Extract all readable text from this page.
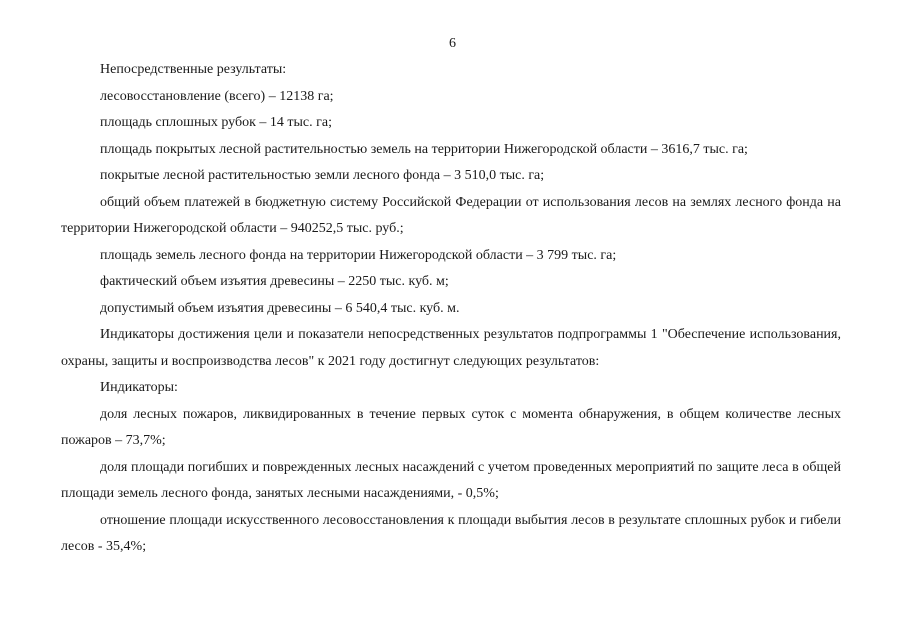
6

Непосредственные результаты:

лесовосстановление (всего) – 12138 га;

площадь сплошных рубок – 14 тыс. га;

площадь покрытых лесной растительностью земель на территории Нижегородской области – 3616,7 тыс. га;

покрытые лесной растительностью земли лесного фонда – 3 510,0 тыс. га;

общий объем платежей в бюджетную систему Российской Федерации от использования лесов на землях лесного фонда на территории Нижегородской области – 940252,5 тыс. руб.;

площадь земель лесного фонда на территории Нижегородской области – 3 799 тыс. га;

фактический объем изъятия древесины – 2250 тыс. куб. м;

допустимый объем изъятия древесины – 6 540,4 тыс. куб. м.

Индикаторы достижения цели и показатели непосредственных результатов подпрограммы 1 "Обеспечение использования, охраны, защиты и воспроизводства лесов" к 2021 году достигнут следующих результатов:

Индикаторы:

доля лесных пожаров, ликвидированных в течение первых суток с момента обнаружения, в общем количестве лесных пожаров – 73,7%;

доля площади погибших и поврежденных лесных насаждений с учетом проведенных мероприятий по защите леса в общей площади земель лесного фонда, занятых лесными насаждениями, - 0,5%;

отношение площади искусственного лесовосстановления к площади выбытия лесов в результате сплошных рубок и гибели лесов - 35,4%;
